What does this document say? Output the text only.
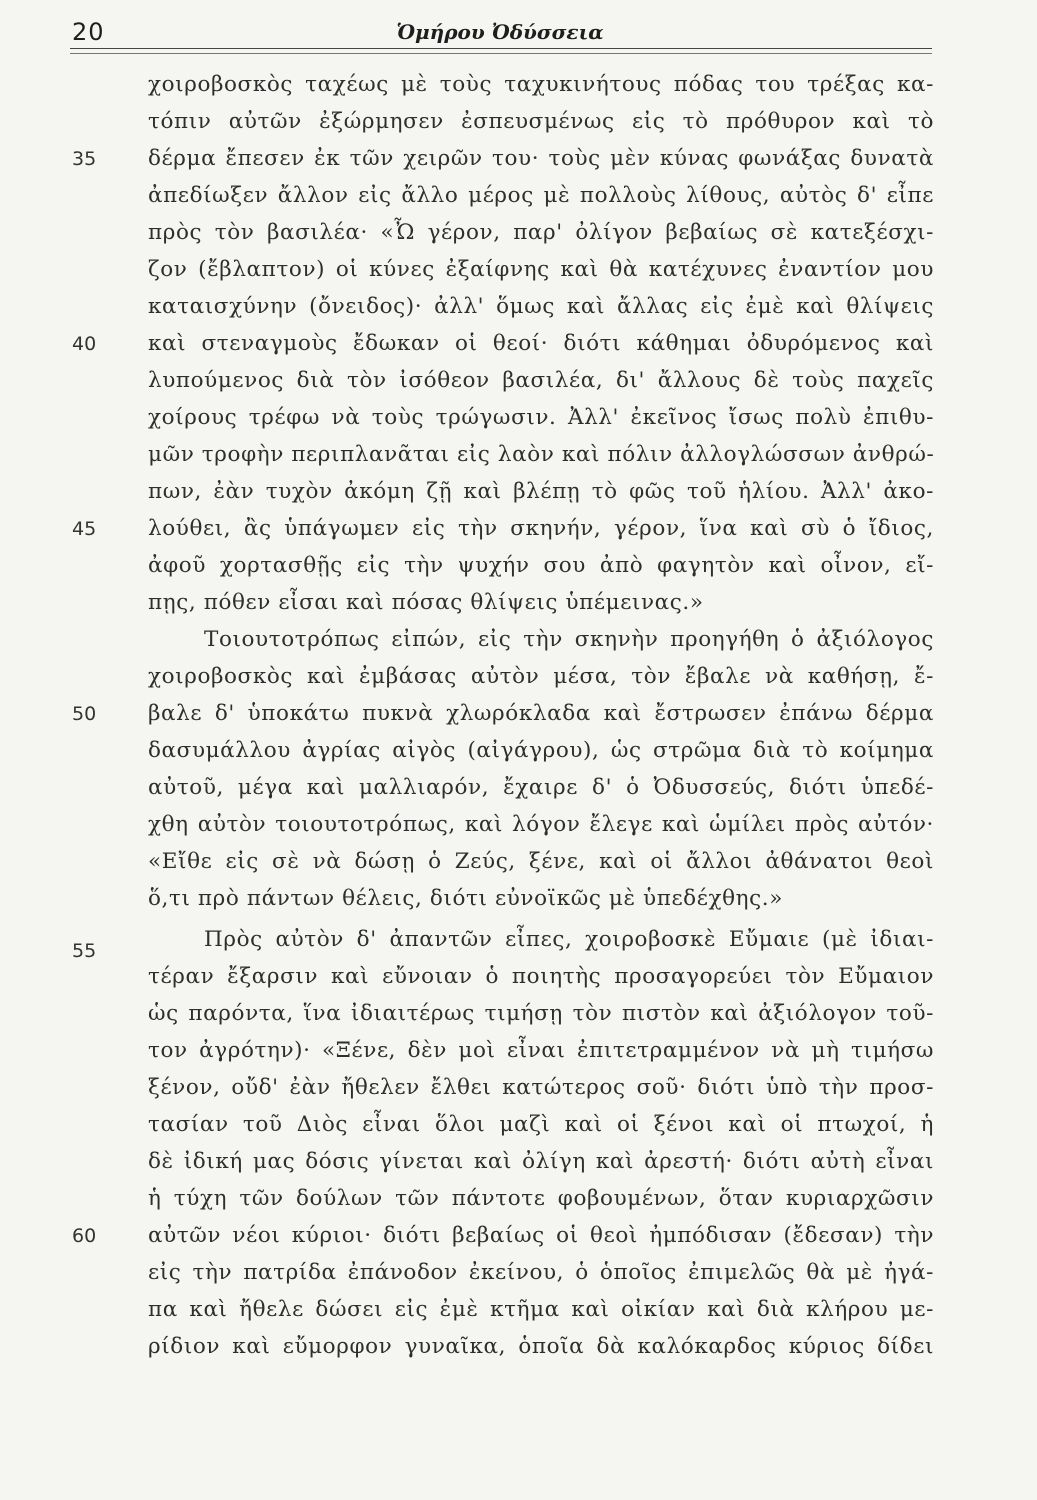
20	Ὁμήρου Ὀδύσσεια
χοιροβοσκὸς ταχέως μὲ τοὺς ταχυκινήτους πόδας του τρέξας κα-
τόπιν αὐτῶν ἐξώρμησεν ἐσπευσμένως εἰς τὸ πρόθυρον καὶ τὸ
δέρμα ἔπεσεν ἐκ τῶν χειρῶν του· τοὺς μὲν κύνας φωνάξας δυνατὰ
ἀπεδίωξεν ἄλλον εἰς ἄλλο μέρος μὲ πολλοὺς λίθους, αὐτὸς δ' εἶπε
πρὸς τὸν βασιλέα· «Ὦ γέρον, παρ' ὀλίγον βεβαίως σὲ κατεξέσχι-
ζον (ἔβλαπτον) οἱ κύνες ἐξαίφνης καὶ θὰ κατέχυνες ἐναντίον μου
καταισχύνην (ὄνειδος)· ἀλλ' ὅμως καὶ ἄλλας εἰς ἐμὲ καὶ θλίψεις
καὶ στεναγμοὺς ἔδωκαν οἱ θεοί· διότι κάθημαι ὀδυρόμενος καὶ
λυπούμενος διὰ τὸν ἰσόθεον βασιλέα, δι' ἄλλους δὲ τοὺς παχεῖς
χοίρους τρέφω νὰ τοὺς τρώγωσιν. Ἀλλ' ἐκεῖνος ἴσως πολὺ ἐπιθυ-
μῶν τροφὴν περιπλανᾶται εἰς λαὸν καὶ πόλιν ἀλλογλώσσων ἀνθρώ-
πων, ἐὰν τυχὸν ἀκόμη ζῇ καὶ βλέπῃ τὸ φῶς τοῦ ἡλίου. Ἀλλ' ἀκο-
λούθει, ἂς ὑπάγωμεν εἰς τὴν σκηνήν, γέρον, ἵνα καὶ σὺ ὁ ἴδιος,
ἀφοῦ χορτασθῇς εἰς τὴν ψυχήν σου ἀπὸ φαγητὸν καὶ οἶνον, εἴ-
πῃς, πόθεν εἶσαι καὶ πόσας θλίψεις ὑπέμεινας.»
Τοιουτοτρόπως εἰπών, εἰς τὴν σκηνὴν προηγήθη ὁ ἀξιόλογος
χοιροβοσκὸς καὶ ἐμβάσας αὐτὸν μέσα, τὸν ἔβαλε νὰ καθήσῃ, ἔ-
βαλε δ' ὑποκάτω πυκνὰ χλωρόκλαδα καὶ ἔστρωσεν ἐπάνω δέρμα
δασυμάλλου ἀγρίας αἰγὸς (αἰγάγρου), ὡς στρῶμα διὰ τὸ κοίμημα
αὐτοῦ, μέγα καὶ μαλλιαρόν, ἔχαιρε δ' ὁ Ὀδυσσεύς, διότι ὑπεδέ-
χθη αὐτὸν τοιουτοτρόπως, καὶ λόγον ἔλεγε καὶ ὡμίλει πρὸς αὐτόν·
«Εἴθε εἰς σὲ νὰ δώσῃ ὁ Ζεύς, ξένε, καὶ οἱ ἄλλοι ἀθάνατοι θεοὶ
ὅ,τι πρὸ πάντων θέλεις, διότι εὐνοϊκῶς μὲ ὑπεδέχθης.»
Πρὸς αὐτὸν δ' ἀπαντῶν εἶπες, χοιροβοσκὲ Εὔμαιε (μὲ ἰδιαι-
τέραν ἔξαρσιν καὶ εὔνοιαν ὁ ποιητὴς προσαγορεύει τὸν Εὔμαιον
ὡς παρόντα, ἵνα ἰδιαιτέρως τιμήσῃ τὸν πιστὸν καὶ ἀξιόλογον τοῦ-
τον ἀγρότην)· «Ξένε, δὲν μοὶ εἶναι ἐπιτετραμμένον νὰ μὴ τιμήσω
ξένον, οὔδ' ἐὰν ἤθελεν ἔλθει κατώτερος σοῦ· διότι ὑπὸ τὴν προσ-
τασίαν τοῦ Διὸς εἶναι ὅλοι μαζὶ καὶ οἱ ξένοι καὶ οἱ πτωχοί, ἡ
δὲ ἰδική μας δόσις γίνεται καὶ ὀλίγη καὶ ἀρεστή· διότι αὐτὴ εἶναι
ἡ τύχη τῶν δούλων τῶν πάντοτε φοβουμένων, ὅταν κυριαρχῶσιν
αὐτῶν νέοι κύριοι· διότι βεβαίως οἱ θεοὶ ἠμπόδισαν (ἔδεσαν) τὴν
εἰς τὴν πατρίδα ἐπάνοδον ἐκείνου, ὁ ὁποῖος ἐπιμελῶς θὰ μὲ ἠγά-
πα καὶ ἤθελε δώσει εἰς ἐμὲ κτῆμα καὶ οἰκίαν καὶ διὰ κλήρου με-
ρίδιον καὶ εὔμορφον γυναῖκα, ὁποῖα δὰ καλόκαρδος κύριος δίδει
35
40
45
50
55
60
